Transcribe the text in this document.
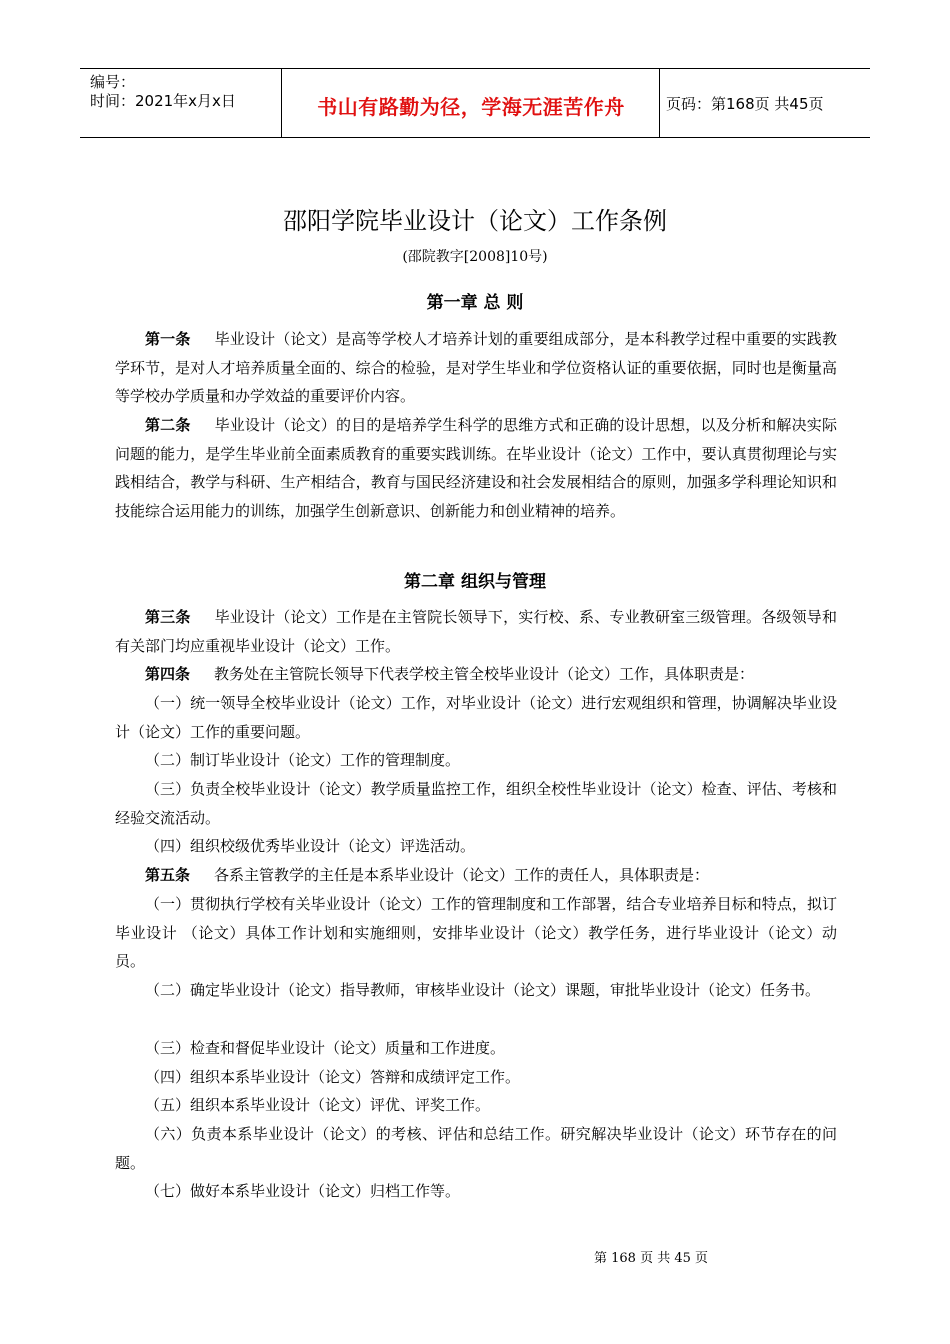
编号：
时间：2021年x月x日	书山有路勤为径，学海无涯苦作舟	页码：第168页 共45页
邵阳学院毕业设计（论文）工作条例
(邵院教字[2008]10号)
第一章 总 则
第一条 毕业设计（论文）是高等学校人才培养计划的重要组成部分，是本科教学过程中重要的实践教学环节，是对人才培养质量全面的、综合的检验，是对学生毕业和学位资格认证的重要依据，同时也是衡量高等学校办学质量和办学效益的重要评价内容。
第二条 毕业设计（论文）的目的是培养学生科学的思维方式和正确的设计思想，以及分析和解决实际问题的能力，是学生毕业前全面素质教育的重要实践训练。在毕业设计（论文）工作中，要认真贯彻理论与实践相结合，教学与科研、生产相结合，教育与国民经济建设和社会发展相结合的原则，加强多学科理论知识和技能综合运用能力的训练，加强学生创新意识、创新能力和创业精神的培养。
第二章 组织与管理
第三条 毕业设计（论文）工作是在主管院长领导下，实行校、系、专业教研室三级管理。各级领导和有关部门均应重视毕业设计（论文）工作。
第四条 教务处在主管院长领导下代表学校主管全校毕业设计（论文）工作，具体职责是：
（一）统一领导全校毕业设计（论文）工作，对毕业设计（论文）进行宏观组织和管理，协调解决毕业设计（论文）工作的重要问题。
（二）制订毕业设计（论文）工作的管理制度。
（三）负责全校毕业设计（论文）教学质量监控工作，组织全校性毕业设计（论文）检查、评估、考核和经验交流活动。
（四）组织校级优秀毕业设计（论文）评选活动。
第五条 各系主管教学的主任是本系毕业设计（论文）工作的责任人，具体职责是：
（一）贯彻执行学校有关毕业设计（论文）工作的管理制度和工作部署，结合专业培养目标和特点，拟订毕业设计 （论文）具体工作计划和实施细则，安排毕业设计（论文）教学任务，进行毕业设计（论文）动员。
（二）确定毕业设计（论文）指导教师，审核毕业设计（论文）课题，审批毕业设计（论文）任务书。
（三）检查和督促毕业设计（论文）质量和工作进度。
（四）组织本系毕业设计（论文）答辩和成绩评定工作。
（五）组织本系毕业设计（论文）评优、评奖工作。
（六）负责本系毕业设计（论文）的考核、评估和总结工作。研究解决毕业设计（论文）环节存在的问题。
（七）做好本系毕业设计（论文）归档工作等。
第 168 页 共 45 页
